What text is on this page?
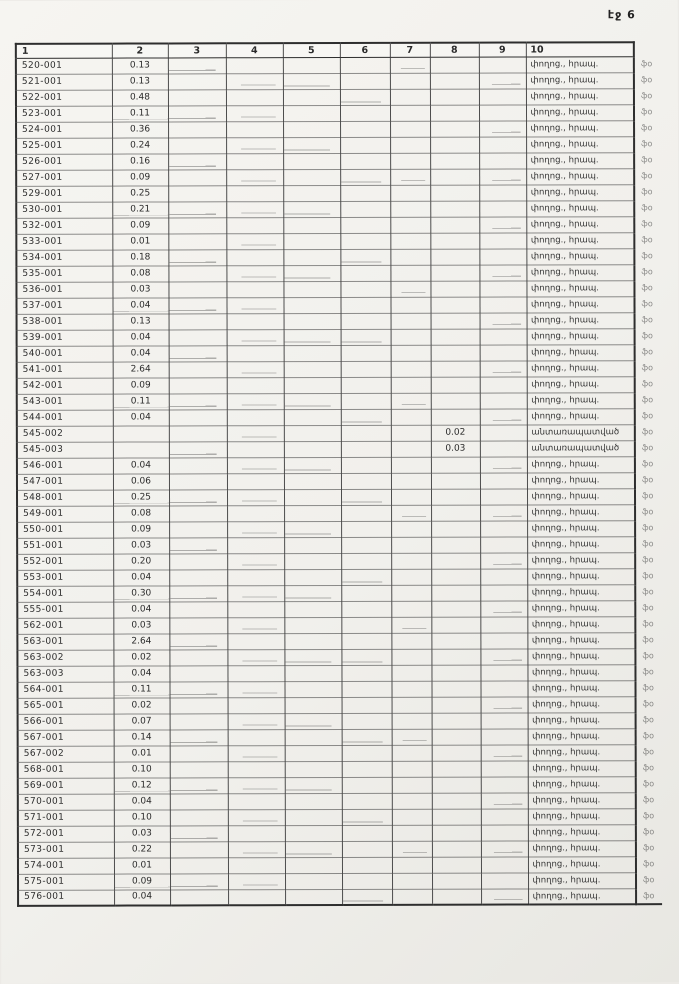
էջ 6
1	2	3	4	5	6	7	8	9	10	
520-001	0.13								փողոց., հրապ.	ֆօ
521-001	0.13								փողոց., հրապ.	ֆօ
522-001	0.48								փողոց., հրապ.	ֆօ
523-001	0.11								փողոց., հրապ.	ֆօ
524-001	0.36								փողոց., հրապ.	ֆօ
525-001	0.24								փողոց., հրապ.	ֆօ
526-001	0.16								փողոց., հրապ.	ֆօ
527-001	0.09								փողոց., հրապ.	ֆօ
529-001	0.25								փողոց., հրապ.	ֆօ
530-001	0.21								փողոց., հրապ.	ֆօ
532-001	0.09								փողոց., հրապ.	ֆօ
533-001	0.01								փողոց., հրապ.	ֆօ
534-001	0.18								փողոց., հրապ.	ֆօ
535-001	0.08								փողոց., հրապ.	ֆօ
536-001	0.03								փողոց., հրապ.	ֆօ
537-001	0.04								փողոց., հրապ.	ֆօ
538-001	0.13								փողոց., հրապ.	ֆօ
539-001	0.04								փողոց., հրապ.	ֆօ
540-001	0.04								փողոց., հրապ.	ֆօ
541-001	2.64								փողոց., հրապ.	ֆօ
542-001	0.09								փողոց., հրապ.	ֆօ
543-001	0.11								փողոց., հրապ.	ֆօ
544-001	0.04								փողոց., հրապ.	ֆօ
545-002							0.02		անտառապատված	ֆօ
545-003							0.03		անտառապատված	ֆօ
546-001	0.04								փողոց., հրապ.	ֆօ
547-001	0.06								փողոց., հրապ.	ֆօ
548-001	0.25								փողոց., հրապ.	ֆօ
549-001	0.08								փողոց., հրապ.	ֆօ
550-001	0.09								փողոց., հրապ.	ֆօ
551-001	0.03								փողոց., հրապ.	ֆօ
552-001	0.20								փողոց., հրապ.	ֆօ
553-001	0.04								փողոց., հրապ.	ֆօ
554-001	0.30								փողոց., հրապ.	ֆօ
555-001	0.04								փողոց., հրապ.	ֆօ
562-001	0.03								փողոց., հրապ.	ֆօ
563-001	2.64								փողոց., հրապ.	ֆօ
563-002	0.02								փողոց., հրապ.	ֆօ
563-003	0.04								փողոց., հրապ.	ֆօ
564-001	0.11								փողոց., հրապ.	ֆօ
565-001	0.02								փողոց., հրապ.	ֆօ
566-001	0.07								փողոց., հրապ.	ֆօ
567-001	0.14								փողոց., հրապ.	ֆօ
567-002	0.01								փողոց., հրապ.	ֆօ
568-001	0.10								փողոց., հրապ.	ֆօ
569-001	0.12								փողոց., հրապ.	ֆօ
570-001	0.04								փողոց., հրապ.	ֆօ
571-001	0.10								փողոց., հրապ.	ֆօ
572-001	0.03								փողոց., հրապ.	ֆօ
573-001	0.22								փողոց., հրապ.	ֆօ
574-001	0.01								փողոց., հրապ.	ֆօ
575-001	0.09								փողոց., հրապ.	ֆօ
576-001	0.04								փողոց., հրապ.	ֆօ
